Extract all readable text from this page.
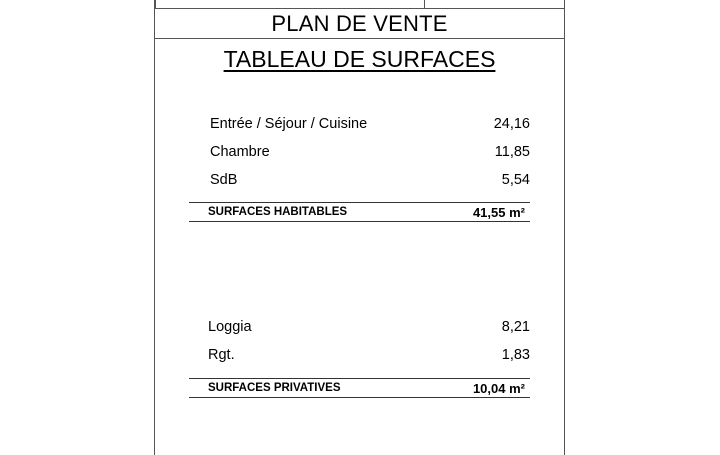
PLAN DE VENTE
TABLEAU DE SURFACES
Entrée / Séjour / Cuisine	24,16
Chambre	11,85
SdB	5,54
SURFACES HABITABLES	41,55 m²
Loggia	8,21
Rgt.	1,83
SURFACES PRIVATIVES	10,04 m²
